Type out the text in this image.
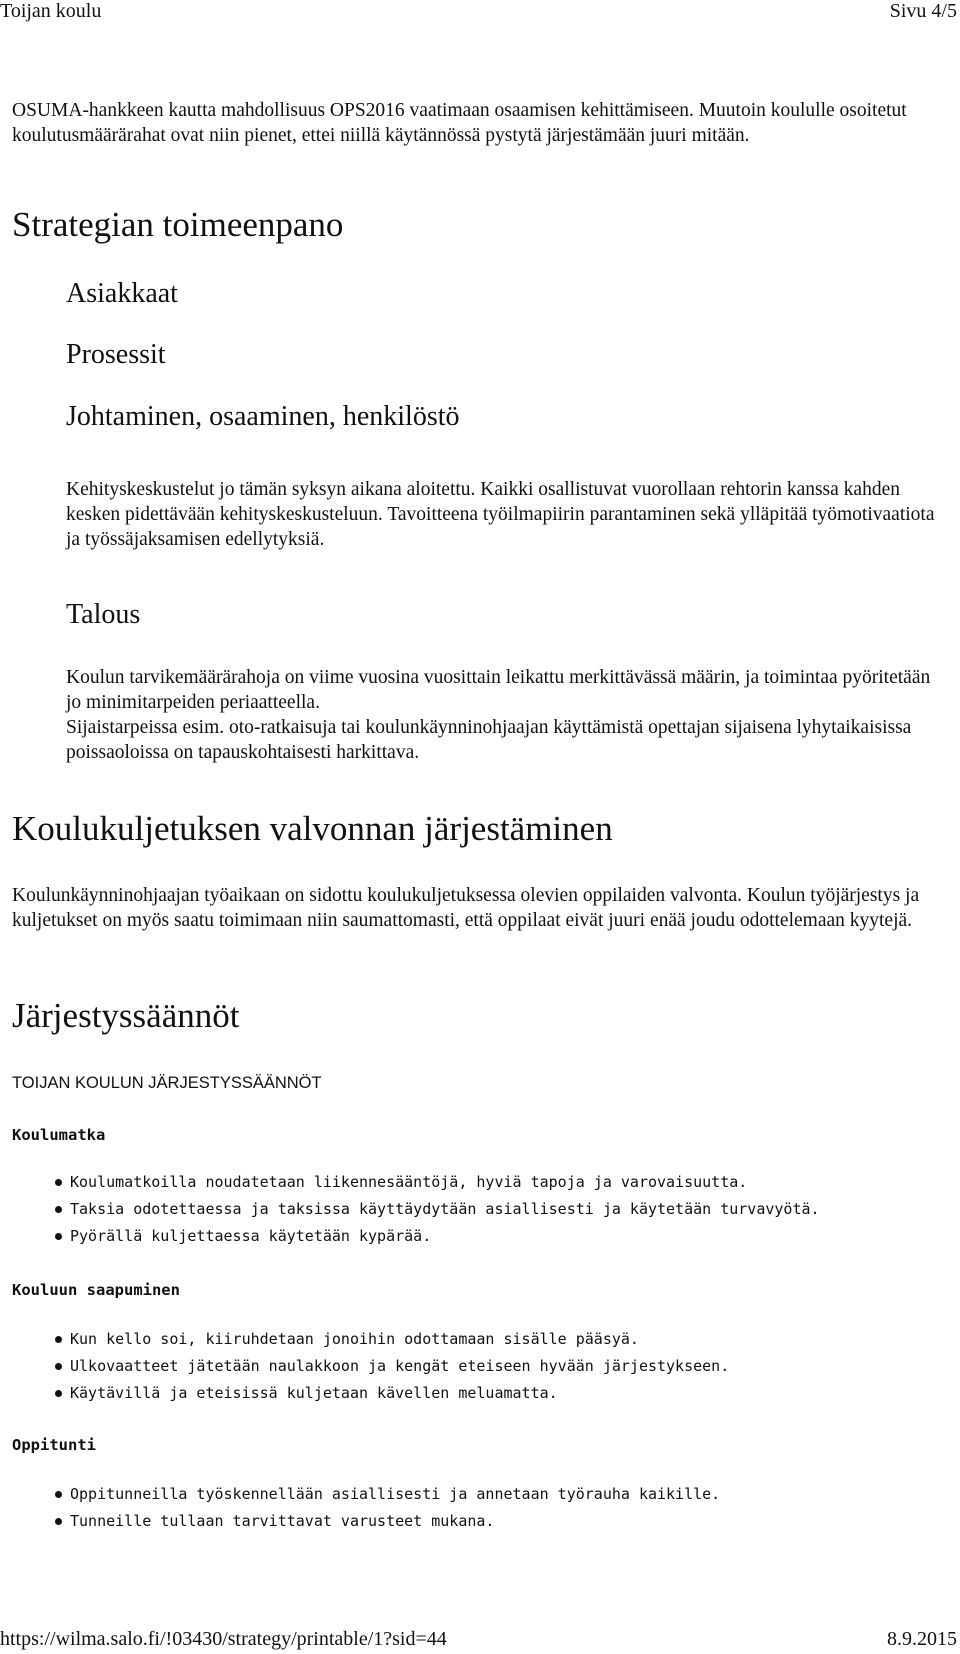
Toijan koulu	Sivu 4/5

OSUMA-hankkeen kautta mahdollisuus OPS2016 vaatimaan osaamisen kehittämiseen. Muutoin koululle osoitetut koulutusmäärärahat ovat niin pienet, ettei niillä käytännössä pystytä järjestämään juuri mitään.

Strategian toimeenpano
Asiakkaat
Prosessit
Johtaminen, osaaminen, henkilöstö

Kehityskeskustelut jo tämän syksyn aikana aloitettu. Kaikki osallistuvat vuorollaan rehtorin kanssa kahden kesken pidettävään kehityskeskusteluun. Tavoitteena työilmapiirin parantaminen sekä ylläpitää työmotivaatiota ja työssäjaksamisen edellytyksiä.

Talous

Koulun tarvikemäärärahoja on viime vuosina vuosittain leikattu merkittävässä määrin, ja toimintaa pyöritetään jo minimitarpeiden periaatteella.

Sijaistarpeissa esim. oto-ratkaisuja tai koulunkäynninohjaajan käyttämistä opettajan sijaisena lyhytaikaisissa poissaoloissa on tapauskohtaisesti harkittava.

Koulukuljetuksen valvonnan järjestäminen

Koulunkäynninohjaajan työaikaan on sidottu koulukuljetuksessa olevien oppilaiden valvonta. Koulun työjärjestys ja kuljetukset on myös saatu toimimaan niin saumattomasti, että oppilaat eivät juuri enää joudu odottelemaan kyytejä.

Järjestyssäännöt
TOIJAN KOULUN JÄRJESTYSSÄÄNNÖT
Koulumatka
Koulumatkoilla noudatetaan liikennesääntöjä, hyviä tapoja ja varovaisuutta.
Taksia odotettaessa ja taksissa käyttäydytään asiallisesti ja käytetään turvavyötä.
Pyörällä kuljettaessa käytetään kypärää.
Kouluun saapuminen
Kun kello soi, kiiruhdetaan jonoihin odottamaan sisälle pääsyä.
Ulkovaatteet jätetään naulakkoon ja kengät eteiseen hyvään järjestykseen.
Käytävillä ja eteisissä kuljetaan kävellen meluamatta.
Oppitunti
Oppitunneilla työskennellään asiallisesti ja annetaan työrauha kaikille.
Tunneille tullaan tarvittavat varusteet mukana.
https://wilma.salo.fi/!03430/strategy/printable/1?sid=44	8.9.2015
